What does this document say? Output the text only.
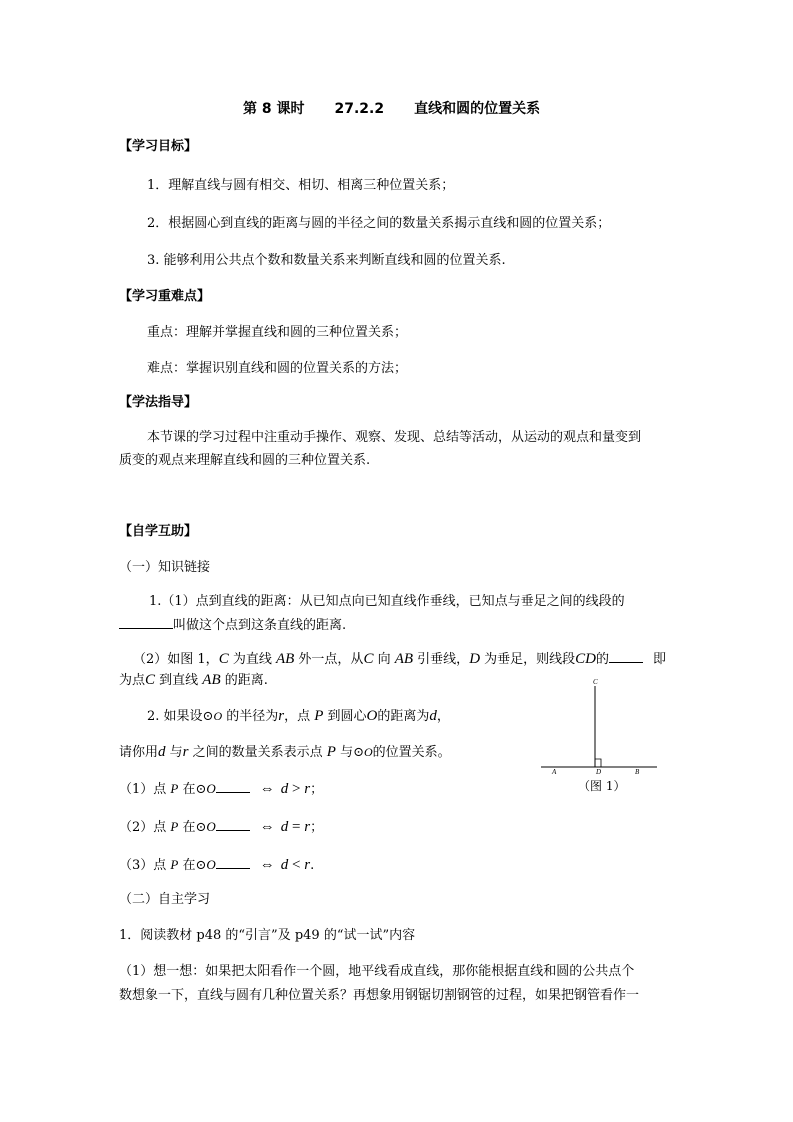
第 8 课时 27.2.2 直线和圆的位置关系
【学习目标】
1．理解直线与圆有相交、相切、相离三种位置关系；
2．根据圆心到直线的距离与圆的半径之间的数量关系揭示直线和圆的位置关系；
3. 能够利用公共点个数和数量关系来判断直线和圆的位置关系.
【学习重难点】
重点：理解并掌握直线和圆的三种位置关系；
难点：掌握识别直线和圆的位置关系的方法；
【学法指导】
本节课的学习过程中注重动手操作、观察、发现、总结等活动，从运动的观点和量变到
质变的观点来理解直线和圆的三种位置关系.
【自学互助】
（一）知识链接
1.（1）点到直线的距离：从已知点向已知直线作垂线，已知点与垂足之间的线段的
叫做这个点到这条直线的距离.
（2）如图 1，C 为直线 AB 外一点，从C 向 AB 引垂线，D 为垂足，则线段CD的	即
为点C 到直线 AB 的距离.
2. 如果设⊙O 的半径为r，点 P 到圆心O的距离为d，
请你用d 与r 之间的数量关系表示点 P 与⊙O的位置关系。
（1）点 P 在⊙O	⇔ d > r；
（2）点 P 在⊙O	⇔ d = r；
（3）点 P 在⊙O	⇔ d < r.
（二）自主学习
1．阅读教材 p48 的“引言”及 p49 的“试一试”内容
（1）想一想：如果把太阳看作一个圆，地平线看成直线，那你能根据直线和圆的公共点个
数想象一下，直线与圆有几种位置关系？再想象用钢锯切割钢管的过程，如果把钢管看作一
C
A	D	B
（图 1）
